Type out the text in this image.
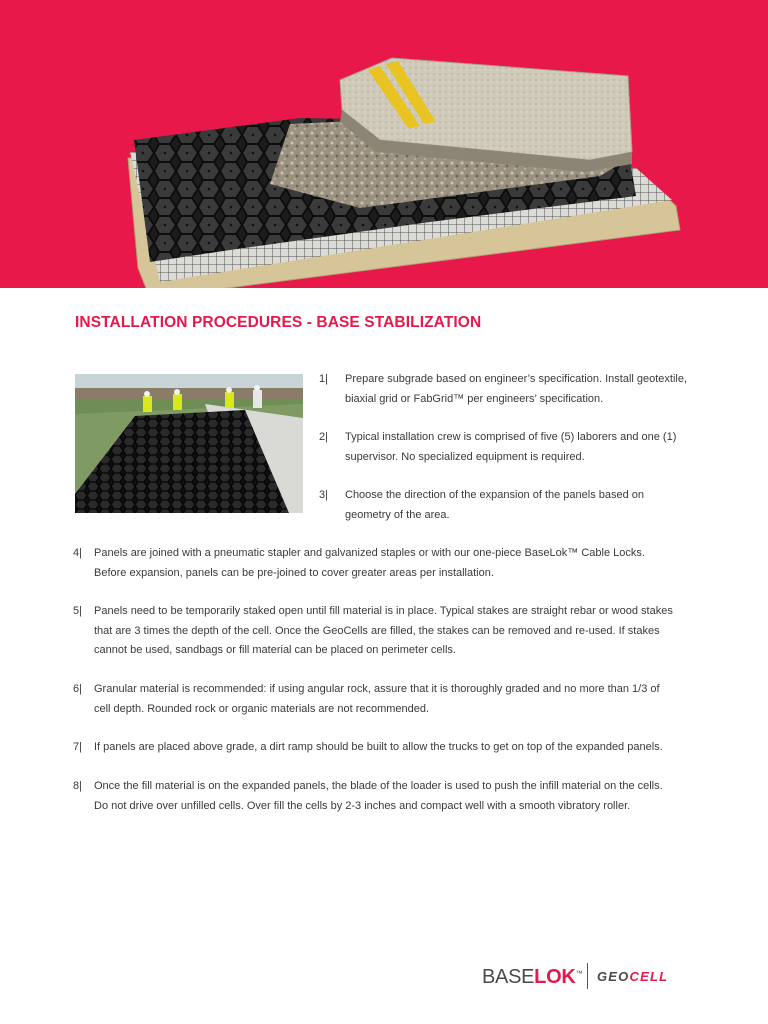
INSTALLATION PROCEDURES - BASE STABILIZATION
1|	Prepare subgrade based on engineer’s specification. Install geotextile, biaxial grid or FabGrid™ per engineers’ specification.
2|	Typical installation crew is comprised of five (5) laborers and one (1) supervisor. No specialized equipment is required.
3|	Choose the direction of the expansion of the panels based on geometry of the area.
4|	Panels are joined with a pneumatic stapler and galvanized staples or with our one-piece BaseLok™ Cable Locks. Before expansion, panels can be pre-joined to cover greater areas per installation.
5|	Panels need to be temporarily staked open until fill material is in place. Typical stakes are straight rebar or wood stakes that are 3 times the depth of the cell. Once the GeoCells are filled, the stakes can be removed and re-used. If stakes cannot be used, sandbags or fill material can be placed on perimeter cells.
6|	Granular material is recommended: if using angular rock, assure that it is thoroughly graded and no more than 1/3 of cell depth. Rounded rock or organic materials are not recommended.
7|	If panels are placed above grade, a dirt ramp should be built to allow the trucks to get on top of the expanded panels.
8|	Once the fill material is on the expanded panels, the blade of the loader is used to push the infill material on the cells. Do not drive over unfilled cells. Over fill the cells by 2-3 inches and compact well with a smooth vibratory roller.
BASELOK™ GEOCELL
